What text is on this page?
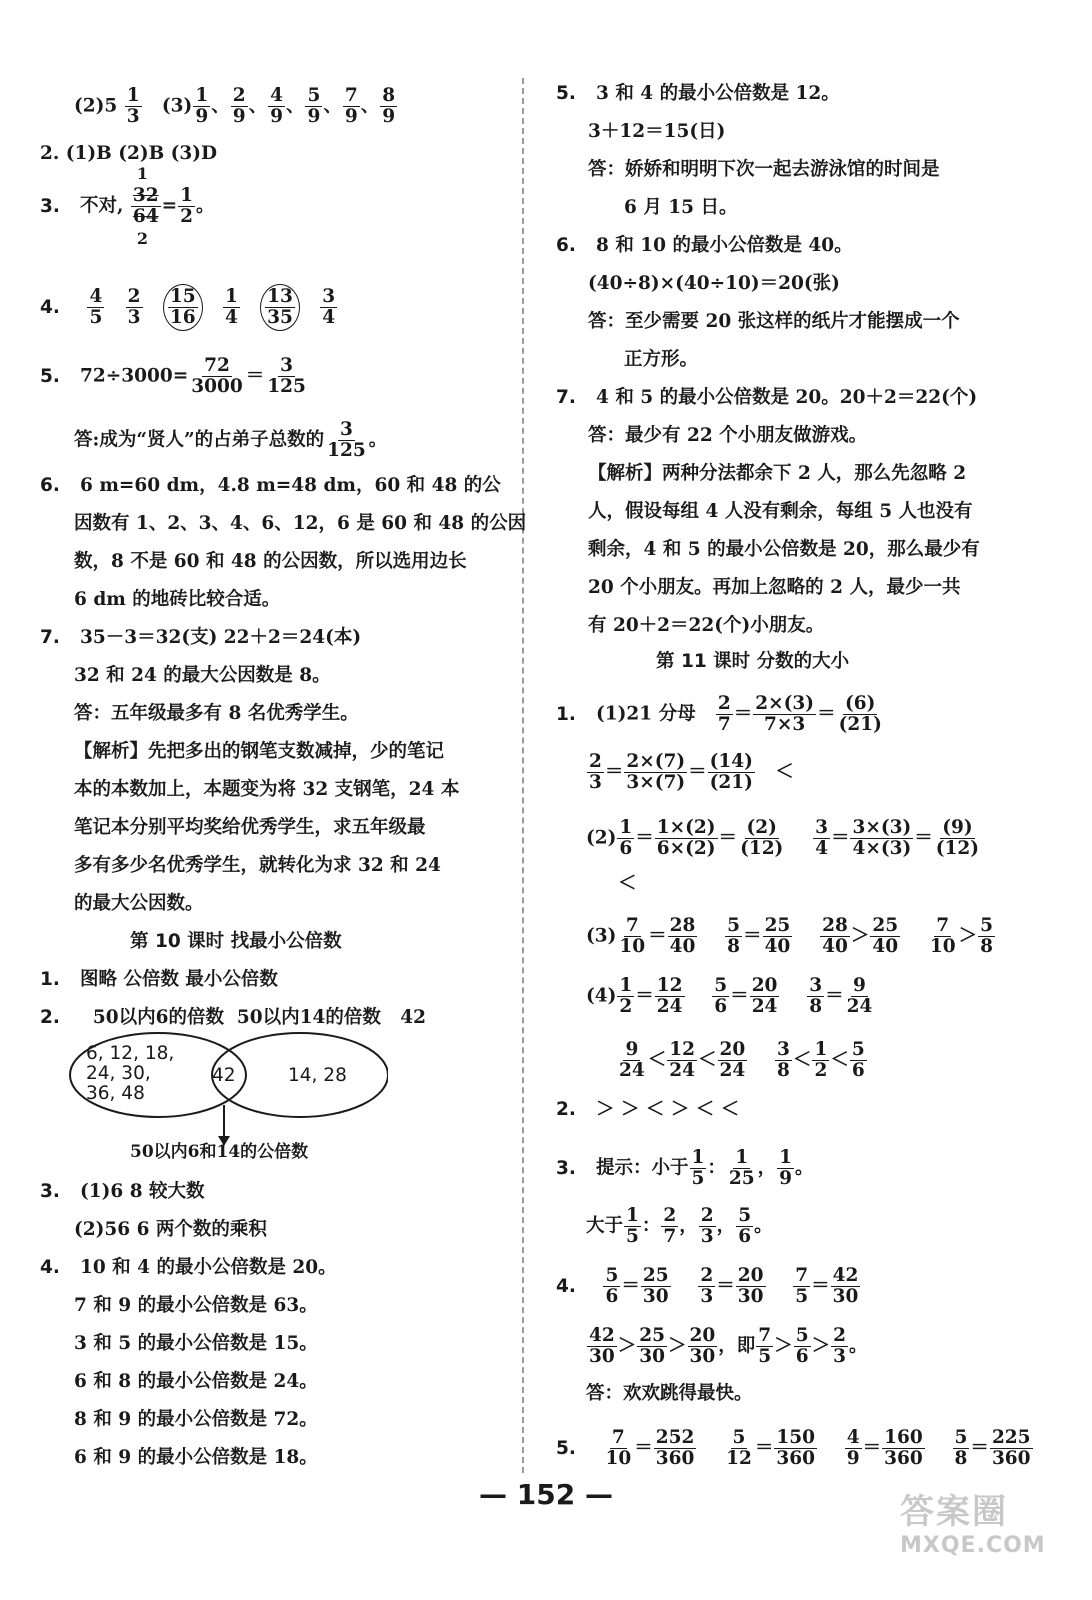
$(2)5 \frac{1}{3} (3) \frac{1}{9}$ 、 $\frac{2}{9}$ 、 $\frac{4}{9}$ 、 $\frac{5}{9}$ 、 $\frac{7}{9}$ 、 $\frac{8}{9}$
2. (1)B (2)B (3)D
3. 不对,
1
32
64
2
= $\frac{1}{2}$ 。
4. $\frac{4}{5}$
$\frac{2}{3}$
$\frac{15}{16}$
$\frac{1}{4}$
$\frac{13}{35}$
$\frac{3}{4}$
5. $72\div 3000= \frac{72}{3000} = \frac{3}{125}$
答:成为“贤人”的占弟子总数的 $\frac{3}{125}$ 。
6. 6 m=60 dm，4.8 m=48 dm，60 和 48 的公
因数有 1、2、3、4、6、12，6 是 60 和 48 的公因
数，8 不是 60 和 48 的公因数，所以选用边长
6 dm 的地砖比较合适。
7. 35－3＝32(支) 22＋2＝24(本)
32 和 24 的最大公因数是 8。
答：五年级最多有 8 名优秀学生。
【解析】先把多出的钢笔支数减掉，少的笔记
本的本数加上，本题变为将 32 支钢笔，24 本
笔记本分别平均奖给优秀学生，求五年级最
多有多少名优秀学生，就转化为求 32 和 24
的最大公因数。
第 10 课时 找最小公倍数
1. 图略 公倍数 最小公倍数
2. 50以内6的倍数 50以内14的倍数 42
6, 12, 18,
24, 30,
36, 48
42	14, 28
50以内6和14的公倍数
3. (1)6 8 较大数
(2)56 6 两个数的乘积
4. 10 和 4 的最小公倍数是 20。
7 和 9 的最小公倍数是 63。
3 和 5 的最小公倍数是 15。
6 和 8 的最小公倍数是 24。
8 和 9 的最小公倍数是 72。
6 和 9 的最小公倍数是 18。
5. 3 和 4 的最小公倍数是 12。
3＋12＝15(日)
答：娇娇和明明下次一起去游泳馆的时间是
6 月 15 日。
6. 8 和 10 的最小公倍数是 40。
(40÷8)×(40÷10)＝20(张)
答：至少需要 20 张这样的纸片才能摆成一个
正方形。
7. 4 和 5 的最小公倍数是 20。20＋2＝22(个)
答：最少有 22 个小朋友做游戏。
【解析】两种分法都余下 2 人，那么先忽略 2
人，假设每组 4 人没有剩余，每组 5 人也没有
剩余，4 和 5 的最小公倍数是 20，那么最少有
20 个小朋友。再加上忽略的 2 人，最少一共
有 20＋2＝22(个)小朋友。
第 11 课时 分数的大小
1. (1)21 分母 $\frac{2}{7} = \frac{2\times(3)}{7\times 3} = \frac{(6)}{(21)}$
$\frac{2}{3} = \frac{2\times(7)}{3\times(7)} = \frac{(14)}{(21)}$ ＜
$(2) \frac{1}{6} = \frac{1\times(2)}{6\times(2)} = \frac{(2)}{(12)}$
$\frac{3}{4} = \frac{3\times(3)}{4\times(3)} = \frac{(9)}{(12)}$
＜
$(3) \frac{7}{10} = \frac{28}{40}$
$\frac{5}{8} = \frac{25}{40}$
$\frac{28}{40} > \frac{25}{40}$
$\frac{7}{10} > \frac{5}{8}$
$(4) \frac{1}{2} = \frac{12}{24}$
$\frac{5}{6} = \frac{20}{24}$
$\frac{3}{8} = \frac{9}{24}$
$\frac{9}{24} < \frac{12}{24} < \frac{20}{24}$
$\frac{3}{8} < \frac{1}{2} < \frac{5}{6}$
2. ＞ ＞ ＜ ＞ ＜ ＜
3. 提示：小于 $\frac{1}{5}$ ： $\frac{1}{25}$ ， $\frac{1}{9}$ 。
大于 $\frac{1}{5}$ ： $\frac{2}{7}$ ， $\frac{2}{3}$ ， $\frac{5}{6}$ 。
4. $\frac{5}{6} = \frac{25}{30}$
$\frac{2}{3} = \frac{20}{30}$
$\frac{7}{5} = \frac{42}{30}$
$\frac{42}{30} > \frac{25}{30} > \frac{20}{30}$ ，即 $\frac{7}{5} > \frac{5}{6} > \frac{2}{3}$ 。
答：欢欢跳得最快。
5. $\frac{7}{10} = \frac{252}{360}$
$\frac{5}{12} = \frac{150}{360}$
$\frac{4}{9} = \frac{160}{360}$
$\frac{5}{8} = \frac{225}{360}$
— 152 —	答案圈
MXQE.COM
